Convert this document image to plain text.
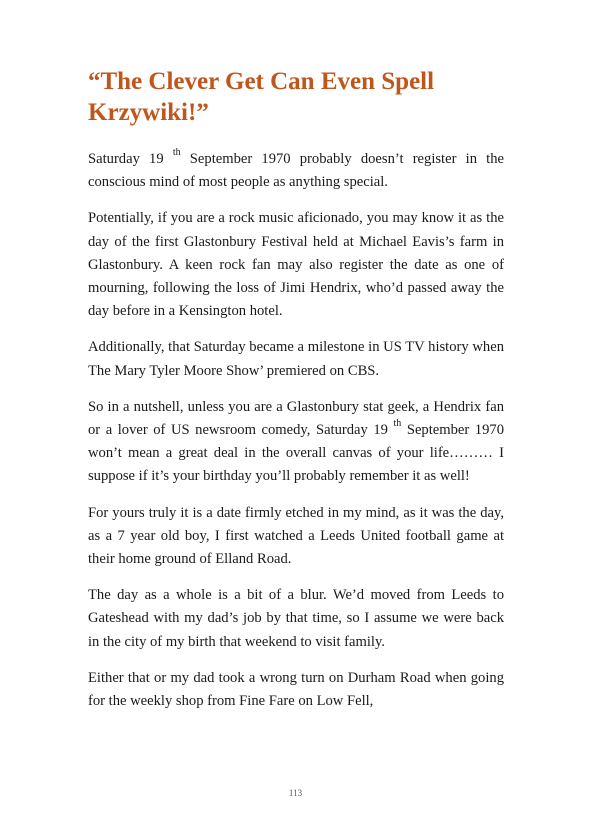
“The Clever Get Can Even Spell Krzywiki!”

Saturday 19 $^{th}$ September 1970 probably doesn’t register in the conscious mind of most people as anything special.

Potentially, if you are a rock music aficionado, you may know it as the day of the first Glastonbury Festival held at Michael Eavis’s farm in Glastonbury. A keen rock fan may also register the date as one of mourning, following the loss of Jimi Hendrix, who’d passed away the day before in a Kensington hotel.

Additionally, that Saturday became a milestone in US TV history when The Mary Tyler Moore Show’ premiered on CBS.

So in a nutshell, unless you are a Glastonbury stat geek, a Hendrix fan or a lover of US newsroom comedy, Saturday 19 $^{th}$ September 1970 won’t mean a great deal in the overall canvas of your life……… I suppose if it’s your birthday you’ll probably remember it as well!

For yours truly it is a date firmly etched in my mind, as it was the day, as a 7 year old boy, I first watched a Leeds United football game at their home ground of Elland Road.

The day as a whole is a bit of a blur. We’d moved from Leeds to Gateshead with my dad’s job by that time, so I assume we were back in the city of my birth that weekend to visit family.

Either that or my dad took a wrong turn on Durham Road when going for the weekly shop from Fine Fare on Low Fell,

113
